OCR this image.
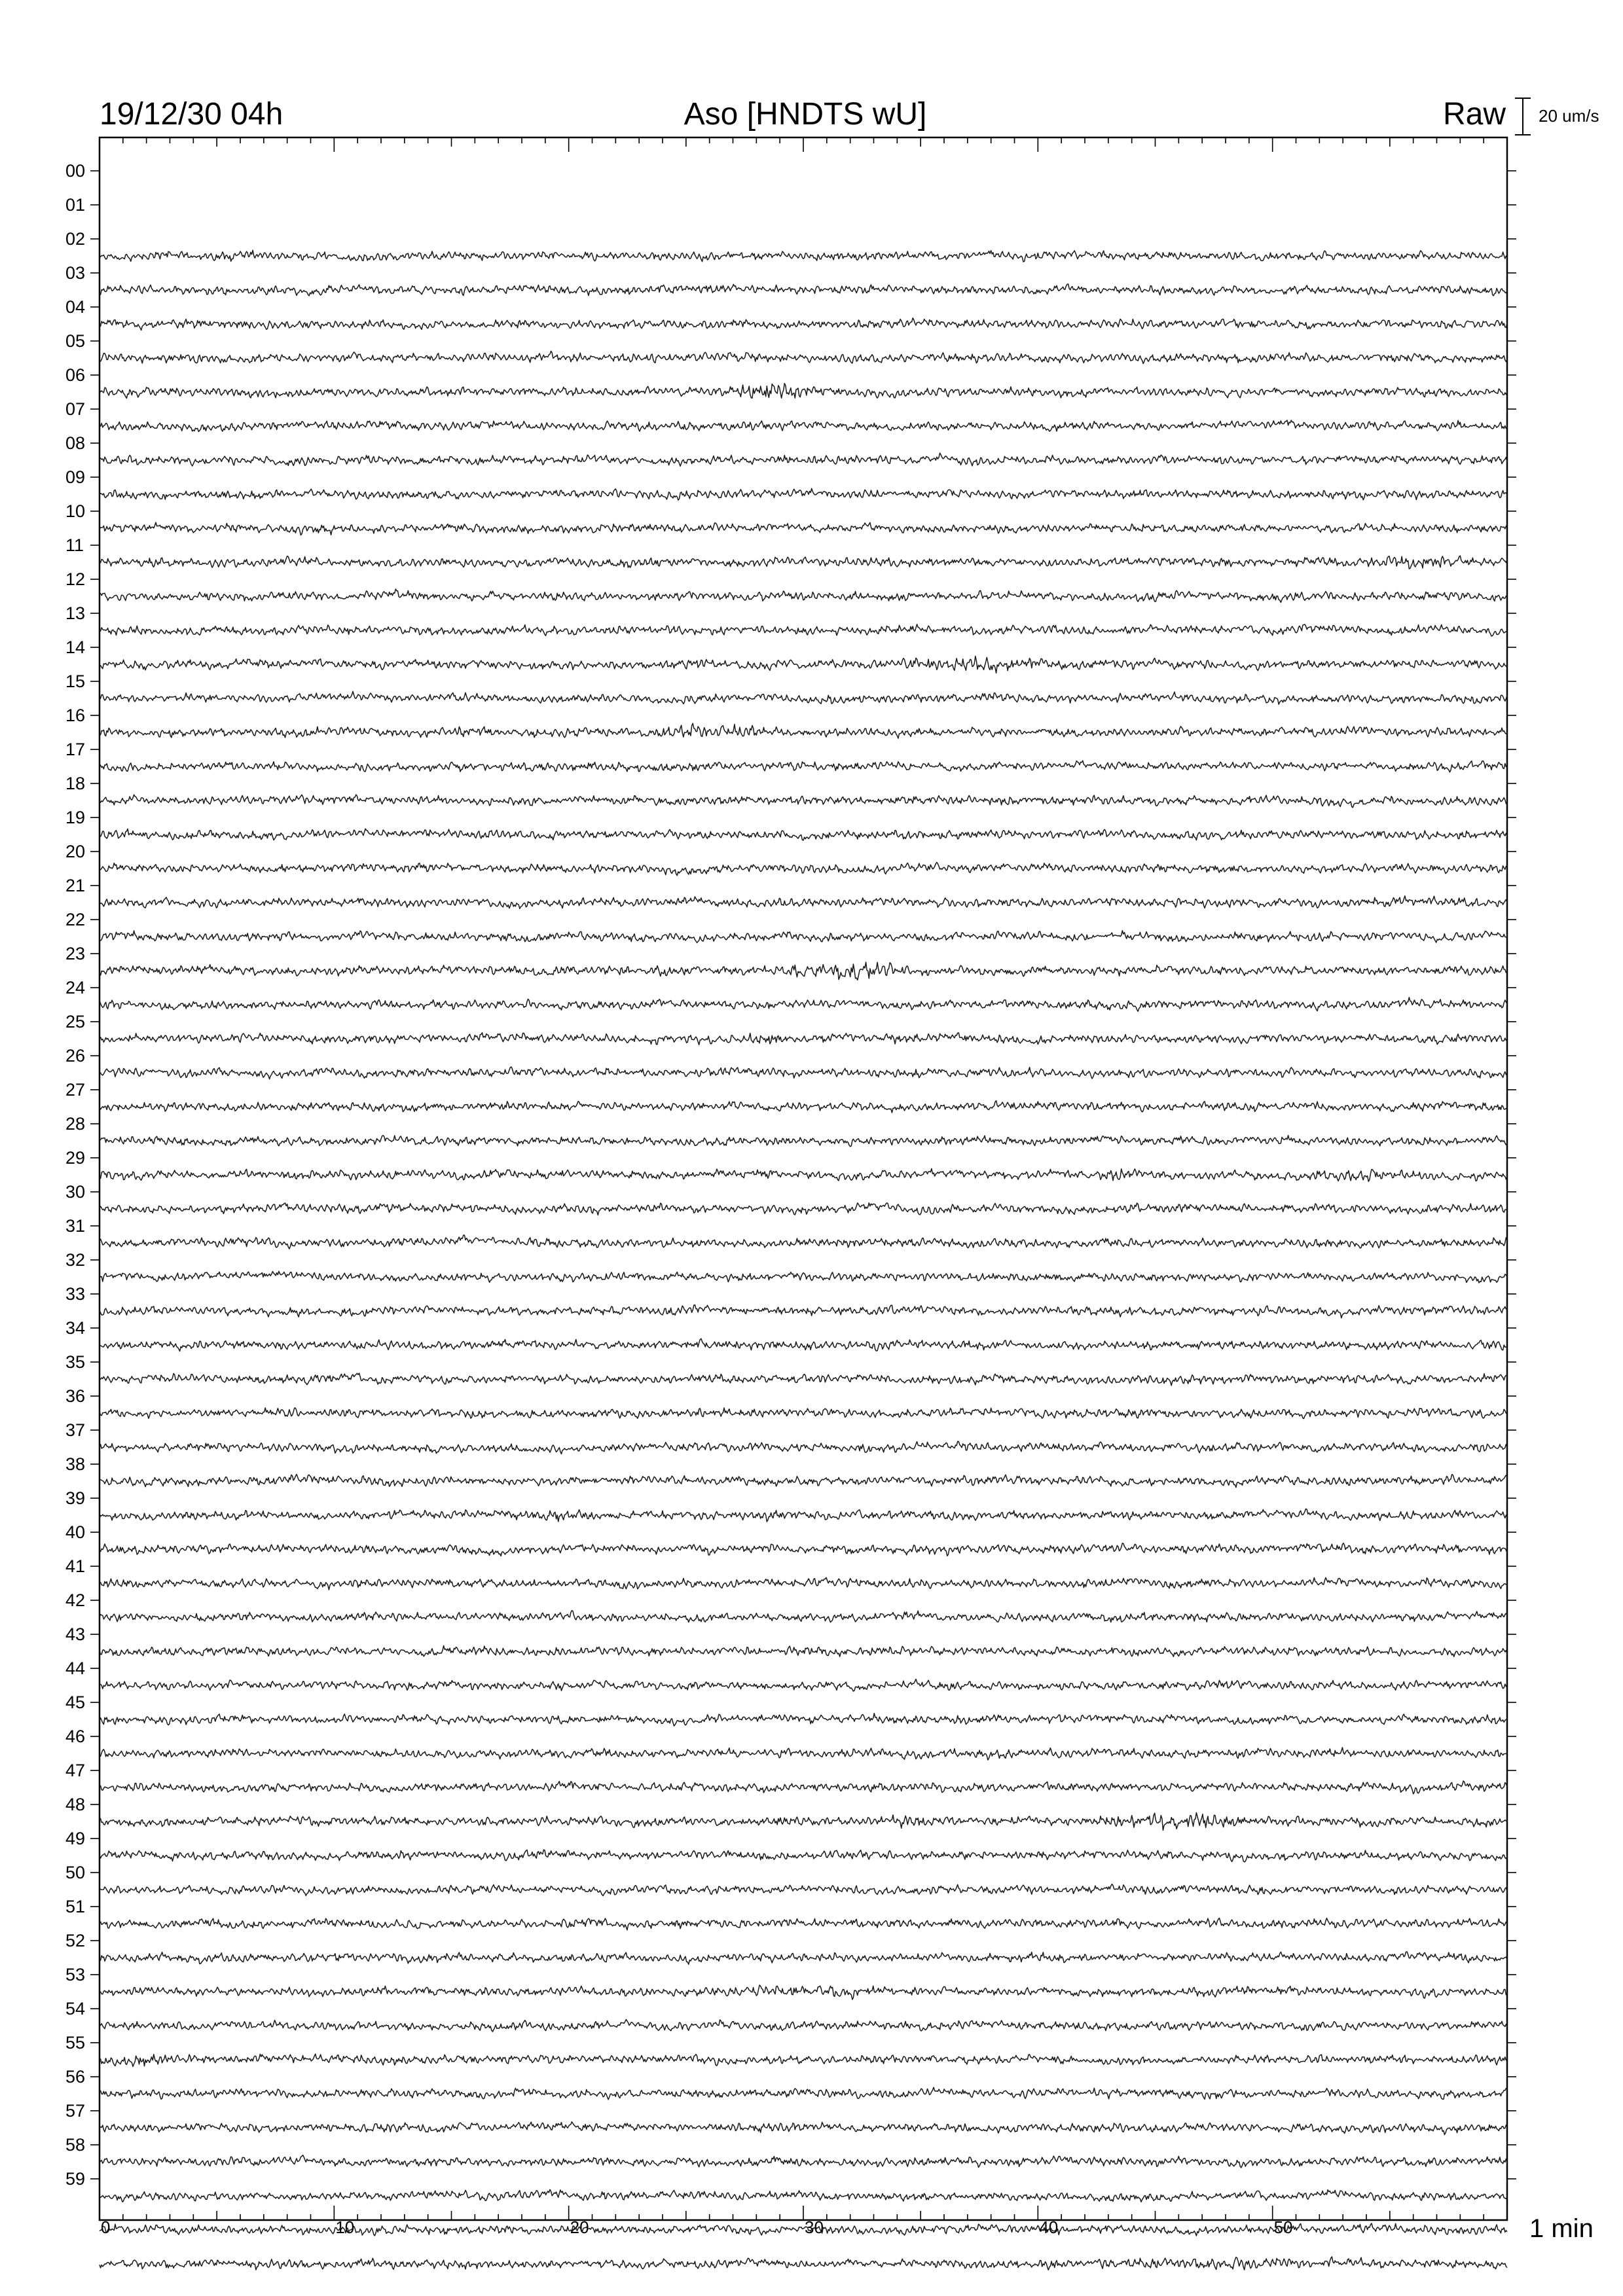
19/12/30 04h	Aso [HNDTS wU]	Raw 20 um/s
1 min
0	10	20	30	40	50
00
01
02
03
04
05
06
07
08
09
10
11
12
13
14
15
16
17
18
19
20
21
22
23
24
25
26
27
28
29
30
31
32
33
34
35
36
37
38
39
40
41
42
43
44
45
46
47
48
49
50
51
52
53
54
55
56
57
58
59
